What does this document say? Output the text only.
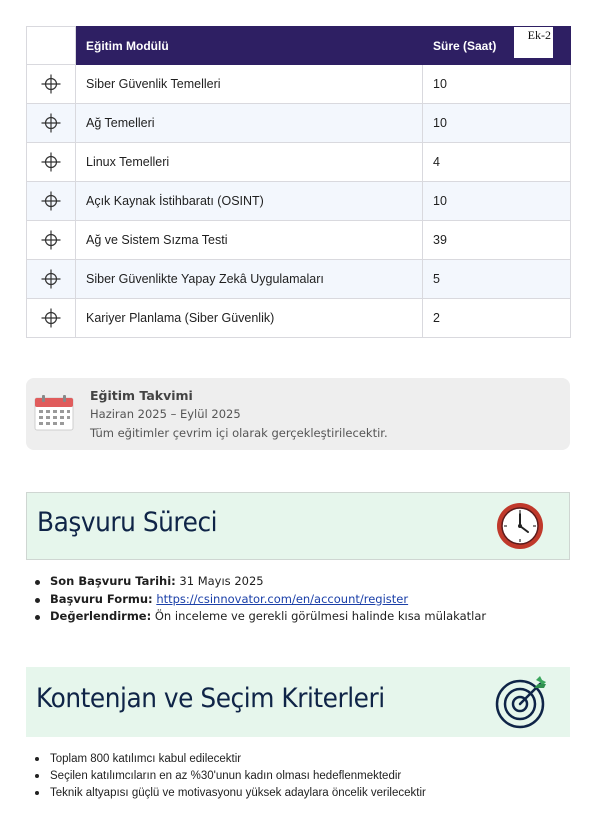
	Eğitim Modülü	Süre (Saat)
	Siber Güvenlik Temelleri	10
	Ağ Temelleri	10
	Linux Temelleri	4
	Açık Kaynak İstihbaratı (OSINT)	10
	Ağ ve Sistem Sızma Testi	39
	Siber Güvenlikte Yapay Zekâ Uygulamaları	5
	Kariyer Planlama (Siber Güvenlik)	2
Ek-2
Eğitim Takvimi
Haziran 2025 – Eylül 2025
Tüm eğitimler çevrim içi olarak gerçekleştirilecektir.
Başvuru Süreci
Son Başvuru Tarihi: 31 Mayıs 2025
Başvuru Formu: https://csinnovator.com/en/account/register
Değerlendirme: Ön inceleme ve gerekli görülmesi halinde kısa mülakatlar
Kontenjan ve Seçim Kriterleri
Toplam 800 katılımcı kabul edilecektir
Seçilen katılımcıların en az %30'unun kadın olması hedeflenmektedir
Teknik altyapısı güçlü ve motivasyonu yüksek adaylara öncelik verilecektir
